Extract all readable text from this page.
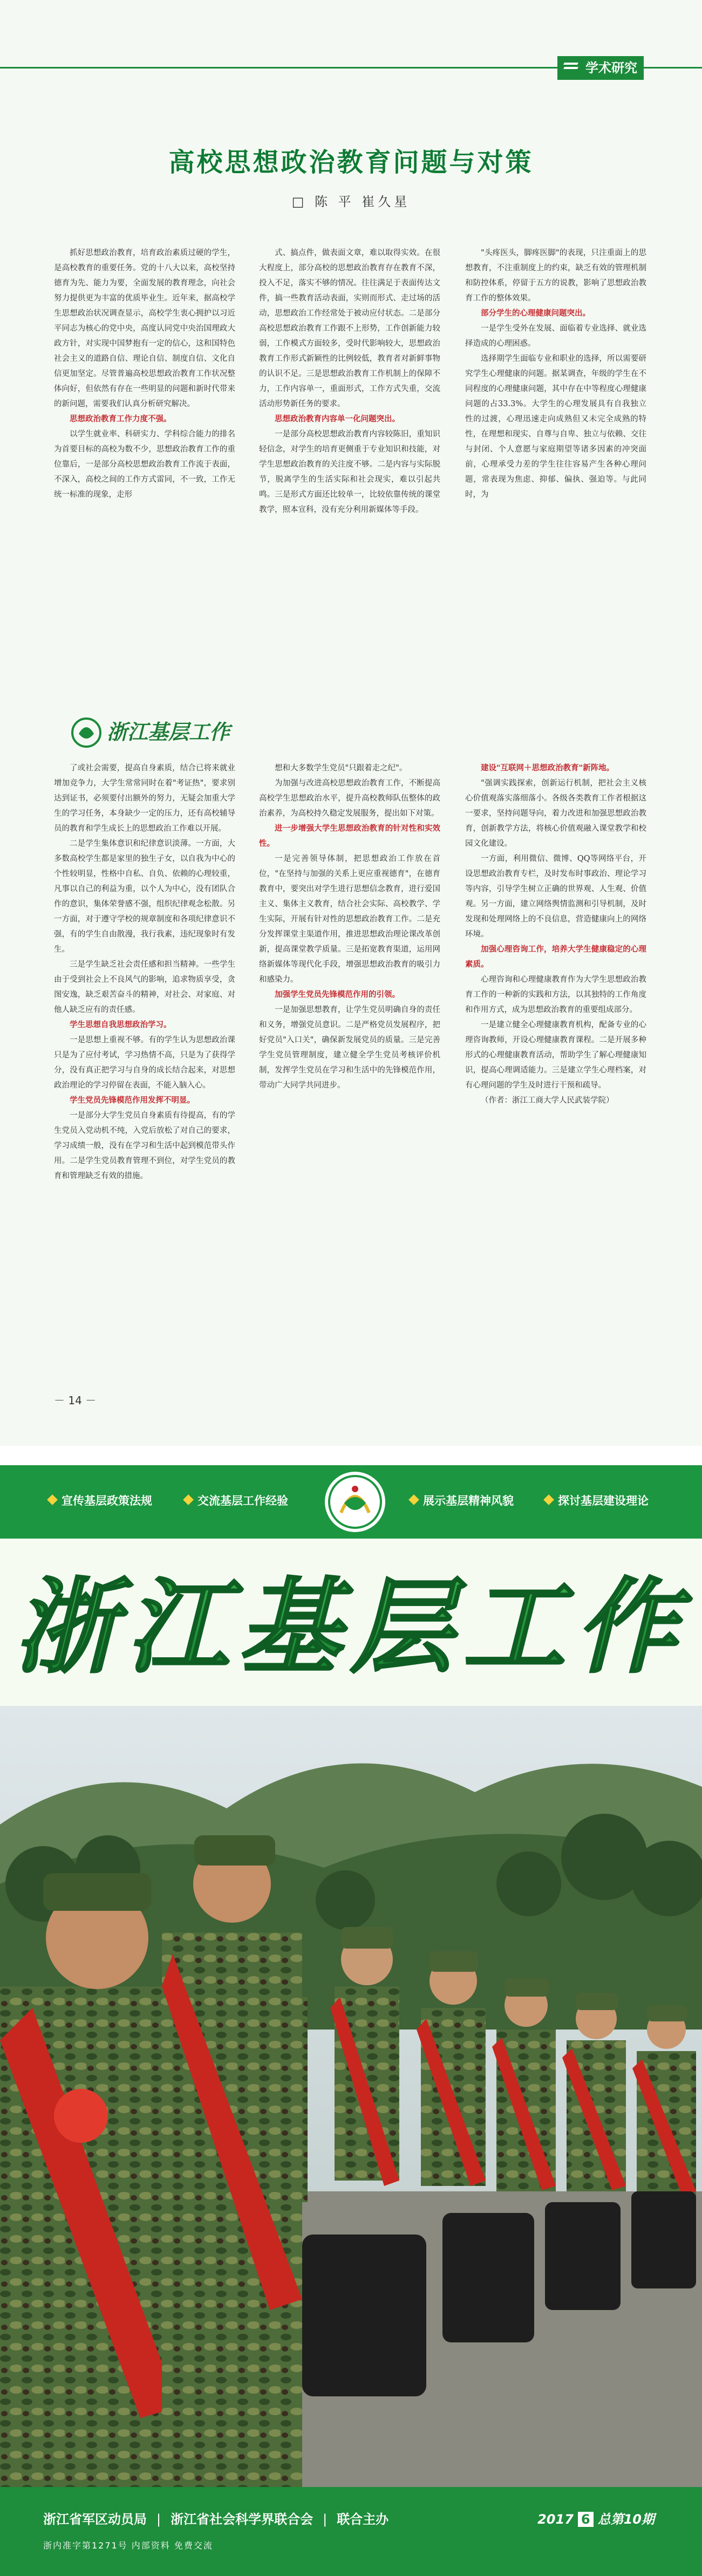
学术研究
高校思想政治教育问题与对策
□ 陈 平 崔久星

抓好思想政治教育，培育政治素质过硬的学生，是高校教育的重要任务。党的十八大以来，高校坚持德育为先、能力为要，全面发展的教育理念，向社会努力提供更为丰富的优质毕业生。近年来，据高校学生思想政治状况调查显示，高校学生衷心拥护以习近平同志为核心的党中央，高度认同党中央治国理政大政方针，对实现中国梦抱有一定的信心，这和国特色社会主义的道路自信、理论自信、制度自信、文化自信更加坚定。尽管普遍高校思想政治教育工作状况整体向好，但依然有存在一些明显的问题和新时代带来的新问题，需要我们认真分析研究解决。

思想政治教育工作力度不强。

以学生就业率、科研实力、学科综合能力的排名为首要目标的高校为数不少，思想政治教育工作的重位靠后，一是部分高校思想政治教育工作流于表面，不深入，高校之间的工作方式雷同，不一致，工作无统一标准的现象，走形

式、搞点件，做表面文章，难以取得实效。在很大程度上，部分高校的思想政治教育存在教育不深，投入不足，落实不够的情况。往往满足于表面传达文件，搞一些教育活动表面，实则而形式、走过场的活动，思想政治工作经常处于被动应付状态。二是部分高校思想政治教育工作跟不上形势，工作创新能力较弱，工作模式方面较多，受时代影响较大，思想政治教育工作形式新颖性的比例较低，教育者对新鲜事物的认识不足。三是思想政治教育工作机制上的保障不力，工作内容单一，重面形式，工作方式失重，交流活动形势新任务的要求。

思想政治教育内容单一化问题突出。

一是部分高校思想政治教育内容较陈旧，重知识轻信念，对学生的培育更侧重于专业知识和技能，对学生思想政治教育的关注度不够。二是内容与实际脱节，脱离学生的生活实际和社会现实，难以引起共鸣。三是形式方面还比较单一，比较依靠传统的课堂教学，照本宣科，没有充分利用新媒体等手段。

"头疼医头，脚疼医脚"的表现，只注重面上的思想教育，不注重制度上的约束，缺乏有效的管理机制和防控体系，停留于五方的说教，影响了思想政治教育工作的整体效果。

部分学生的心理健康问题突出。

一是学生受外在发展、面临着专业选择、就业选择造成的心理困惑。

选择期学生面临专业和职业的选择，所以需要研究学生心理健康的问题。据某调查，年级的学生在不同程度的心理健康问题，其中存在中等程度心理健康问题的占33.3%。大学生的心理发展具有自我独立性的过渡，心理迅速走向成熟但又未完全成熟的特性，在理想和现实、自尊与自卑、独立与依赖、交往与封闭、个人意愿与家庭期望等诸多因素的冲突面前，心理承受力差的学生往往容易产生各种心理问题，常表现为焦虑、抑郁、偏执、强迫等。与此同时，为

浙江基层工作

了或社会需要，提高自身素质，结合已将来就业增加竞争力，大学生常常同时在着"考证热"，要求别达到证书，必须要付出额外的努力，无疑会加重大学生的学习任务，本身缺少一定的压力，还有高校辅导员的教育和学生成长上的思想政治工作难以开展。

二是学生集体意识和纪律意识淡薄。一方面，大多数高校学生都是家里的独生子女，以自我为中心的个性较明显，性格中自私、自负、依赖的心理较重，凡事以自己的利益为重，以个人为中心，没有团队合作的意识，集体荣誉感不强，组织纪律观念松散。另一方面，对于遵守学校的规章制度和各项纪律意识不强，有的学生自由散漫，我行我素，违纪现象时有发生。

三是学生缺乏社会责任感和担当精神。一些学生由于受到社会上不良风气的影响，追求物质享受，贪图安逸，缺乏艰苦奋斗的精神，对社会、对家庭、对他人缺乏应有的责任感。

学生思想自我思想政治学习。

一是思想上重视不够。有的学生认为思想政治课只是为了应付考试，学习热情不高，只是为了获得学分，没有真正把学习与自身的成长结合起来，对思想政治理论的学习停留在表面，不能入脑入心。

学生党员先锋模范作用发挥不明显。

一是部分大学生党员自身素质有待提高，有的学生党员入党动机不纯，入党后放松了对自己的要求，学习成绩一般，没有在学习和生活中起到模范带头作用。二是学生党员教育管理不到位，对学生党员的教育和管理缺乏有效的措施。

想和大多数学生党员"只跟着走之纪"。

为加强与改进高校思想政治教育工作，不断提高高校学生思想政治水平，提升高校教师队伍整体的政治素养，为高校持久稳定发展服务，提出如下对策。

进一步增强大学生思想政治教育的针对性和实效性。

一是完善领导体制，把思想政治工作放在首位，"在坚持与加强的关系上更应重视德育"，在德育教育中，要突出对学生进行思想信念教育，进行爱国主义、集体主义教育，结合社会实际、高校教学、学生实际，开展有针对性的思想政治教育工作。二是充分发挥课堂主渠道作用，推进思想政治理论课改革创新，提高课堂教学质量。三是拓宽教育渠道，运用网络新媒体等现代化手段，增强思想政治教育的吸引力和感染力。

加强学生党员先锋模范作用的引领。

一是加强思想教育，让学生党员明确自身的责任和义务，增强党员意识。二是严格党员发展程序，把好党员"入口关"，确保新发展党员的质量。三是完善学生党员管理制度，建立健全学生党员考核评价机制，发挥学生党员在学习和生活中的先锋模范作用，带动广大同学共同进步。

建设"互联网＋思想政治教育"新阵地。

"强调实践探索，创新运行机制，把社会主义核心价值观落实落细落小。各级各类教育工作者根据这一要求，坚持问题导向，着力改进和加强思想政治教育，创新教学方法，将核心价值观融入课堂教学和校园文化建设。

一方面，利用微信、微博、QQ等网络平台，开设思想政治教育专栏，及时发布时事政治、理论学习等内容，引导学生树立正确的世界观、人生观、价值观。另一方面，建立网络舆情监测和引导机制，及时发现和处理网络上的不良信息，营造健康向上的网络环境。

加强心理咨询工作，培养大学生健康稳定的心理素质。

心理咨询和心理健康教育作为大学生思想政治教育工作的一种新的实践和方法，以其独特的工作角度和作用方式，成为思想政治教育的重要组成部分。

一是建立健全心理健康教育机构，配备专业的心理咨询教师，开设心理健康教育课程。二是开展多种形式的心理健康教育活动，帮助学生了解心理健康知识，提高心理调适能力。三是建立学生心理档案，对有心理问题的学生及时进行干预和疏导。

（作者：浙江工商大学人民武装学院）

－ 14 －
宣传基层政策法规	交流基层工作经验	展示基层精神风貌	探讨基层建设理论
浙江基层工作
浙江省军区动员局 | 浙江省社会科学界联合会 | 联合主办
浙内准字第1271号 内部资料 免费交流
2017 6 总第10期
